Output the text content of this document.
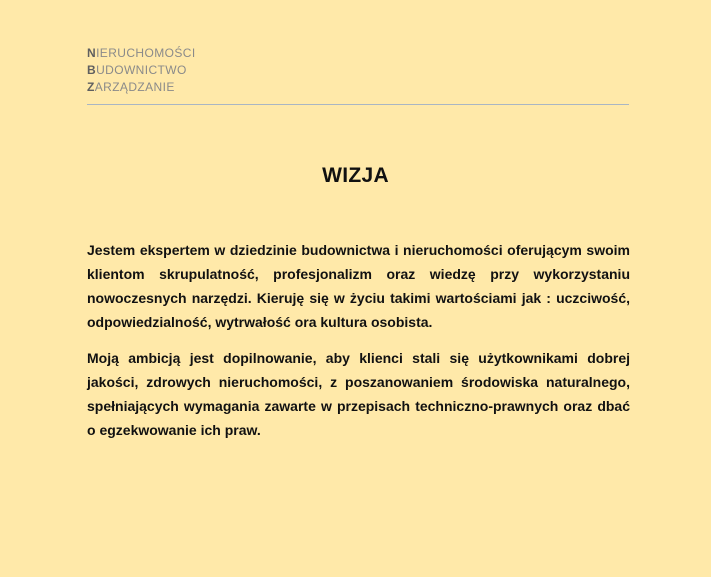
NIERUCHOMOŚCI
BUDOWNICTWO
ZARZĄDZANIE
WIZJA

Jestem ekspertem w dziedzinie budownictwa i nieruchomości oferującym swoim klientom skrupulatność, profesjonalizm oraz wiedzę przy wykorzystaniu nowoczesnych narzędzi. Kieruję się w życiu takimi wartościami jak : uczciwość, odpowiedzialność, wytrwałość ora kultura osobista.

Moją ambicją jest dopilnowanie, aby klienci stali się użytkownikami dobrej jakości, zdrowych nieruchomości, z poszanowaniem środowiska naturalnego, spełniających wymagania zawarte w przepisach techniczno-prawnych oraz dbać o egzekwowanie ich praw.
